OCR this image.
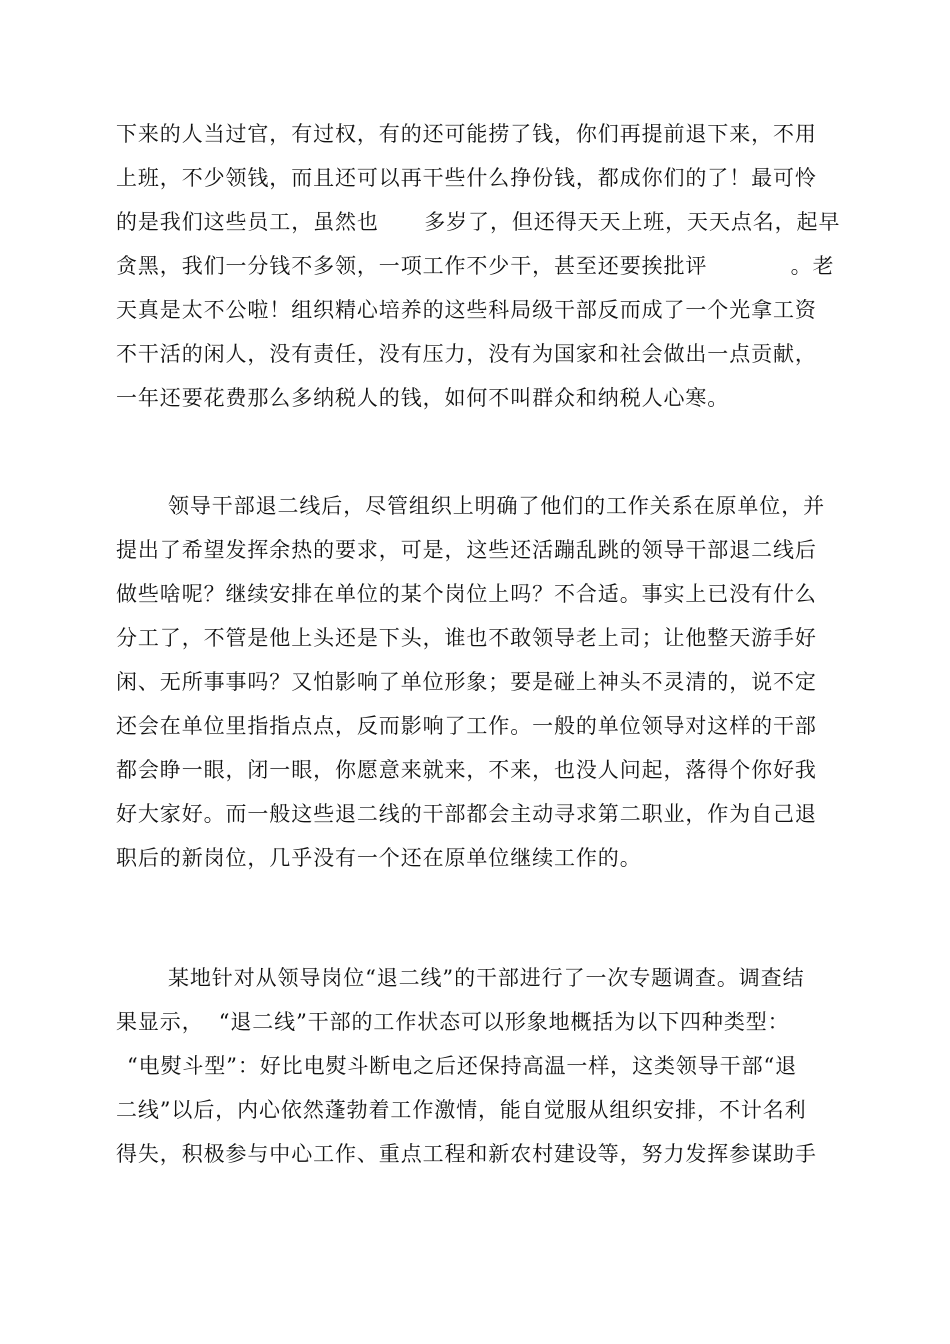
下来的人当过官，有过权，有的还可能捞了钱，你们再提前退下来，不用
上班，不少领钱，而且还可以再干些什么挣份钱，都成你们的了！最可怜
的是我们这些员工，虽然也      多岁了，但还得天天上班，天天点名，起早
贪黑，我们一分钱不多领，一项工作不少干，甚至还要挨批评           。老
天真是太不公啦！组织精心培养的这些科局级干部反而成了一个光拿工资
不干活的闲人，没有责任，没有压力，没有为国家和社会做出一点贡献，
一年还要花费那么多纳税人的钱，如何不叫群众和纳税人心寒。
领导干部退二线后，尽管组织上明确了他们的工作关系在原单位，并
提出了希望发挥余热的要求，可是，这些还活蹦乱跳的领导干部退二线后
做些啥呢？继续安排在单位的某个岗位上吗？不合适。事实上已没有什么
分工了，不管是他上头还是下头，谁也不敢领导老上司；让他整天游手好
闲、无所事事吗？又怕影响了单位形象；要是碰上神头不灵清的，说不定
还会在单位里指指点点，反而影响了工作。一般的单位领导对这样的干部
都会睁一眼，闭一眼，你愿意来就来，不来，也没人问起，落得个你好我
好大家好。而一般这些退二线的干部都会主动寻求第二职业，作为自己退
职后的新岗位，几乎没有一个还在原单位继续工作的。
某地针对从领导岗位“退二线”的干部进行了一次专题调查。调查结
果显示，  “退二线”干部的工作状态可以形象地概括为以下四种类型：
“电熨斗型”：好比电熨斗断电之后还保持高温一样，这类领导干部“退
二线”以后，内心依然蓬勃着工作激情，能自觉服从组织安排，不计名利
得失，积极参与中心工作、重点工程和新农村建设等，努力发挥参谋助手
